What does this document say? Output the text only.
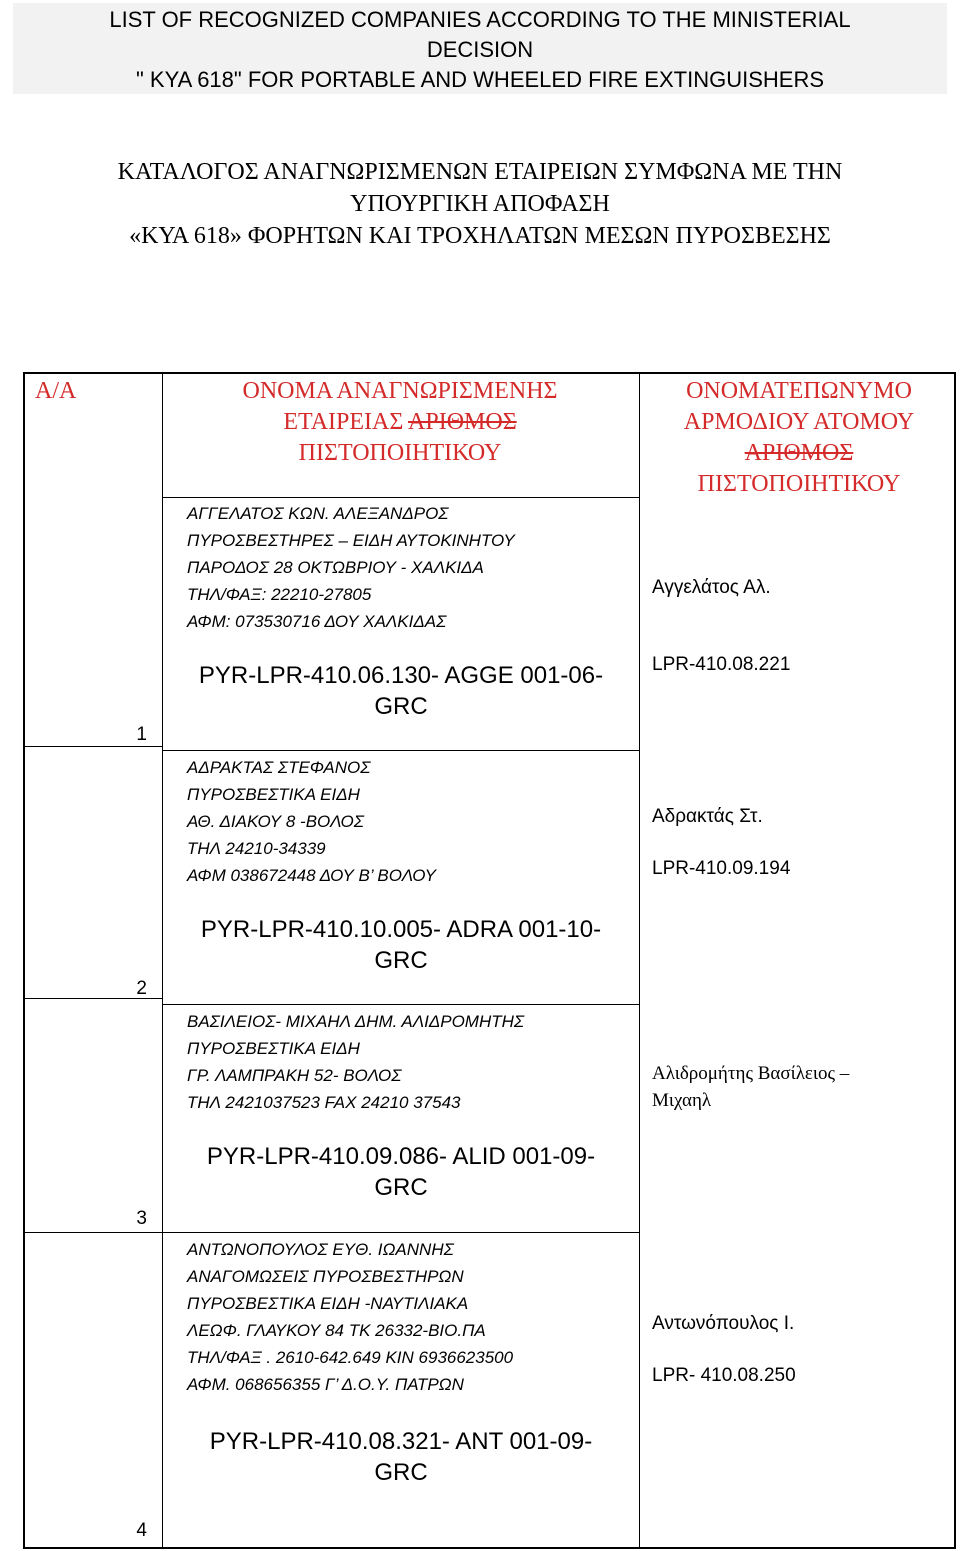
LIST OF RECOGNIZED COMPANIES ACCORDING TO THE MINISTERIAL
DECISION
" KYA 618" FOR PORTABLE AND WHEELED FIRE EXTINGUISHERS
ΚΑΤΑΛΟΓΟΣ ΑΝΑΓΝΩΡΙΣΜΕΝΩΝ ΕΤΑΙΡΕΙΩΝ ΣΥΜΦΩΝΑ ΜΕ ΤΗΝ
ΥΠΟΥΡΓΙΚΗ ΑΠΟΦΑΣΗ
«ΚΥΑ 618» ΦΟΡΗΤΩΝ ΚΑΙ ΤΡΟΧΗΛΑΤΩΝ ΜΕΣΩΝ ΠΥΡΟΣΒΕΣΗΣ
Α/Α	ΟΝΟΜΑ ΑΝΑΓΝΩΡΙΣΜΕΝΗΣ
ΕΤΑΙΡΕΙΑΣ ΑΡΙΘΜΟΣ
ΠΙΣΤΟΠΟΙΗΤΙΚΟΥ
ΟΝΟΜΑΤΕΠΩΝΥΜΟ
ΑΡΜΟΔΙΟΥ ΑΤΟΜΟΥ
ΑΡΙΘΜΟΣ
ΠΙΣΤΟΠΟΙΗΤΙΚΟΥ
ΑΓΓΕΛΑΤΟΣ ΚΩΝ. ΑΛΕΞΑΝΔΡΟΣ
ΠΥΡΟΣΒΕΣΤΗΡΕΣ – ΕΙΔΗ ΑΥΤΟΚΙΝΗΤΟΥ
ΠΑΡΟΔΟΣ 28 ΟΚΤΩΒΡΙΟΥ - ΧΑΛΚΙΔΑ
ΤΗΛ/ΦΑΞ: 22210-27805
ΑΦΜ: 073530716 ΔΟΥ ΧΑΛΚΙΔΑΣ
PYR-LPR-410.06.130- AGGE 001-06-
GRC
Αγγελάτος Αλ.
LPR-410.08.221
1
ΑΔΡΑΚΤΑΣ ΣΤΕΦΑΝΟΣ
ΠΥΡΟΣΒΕΣΤΙΚΑ ΕΙΔΗ
ΑΘ. ΔΙΑΚΟΥ 8 -ΒΟΛΟΣ
ΤΗΛ 24210-34339
ΑΦΜ 038672448 ΔΟΥ Β’ ΒΟΛΟΥ
PYR-LPR-410.10.005- ADRA 001-10-
GRC
Αδρακτάς Στ.
LPR-410.09.194
2
ΒΑΣΙΛΕΙΟΣ- ΜΙΧΑΗΛ ΔΗΜ. ΑΛΙΔΡΟΜΗΤΗΣ
ΠΥΡΟΣΒΕΣΤΙΚΑ ΕΙΔΗ
ΓΡ. ΛΑΜΠΡΑΚΗ 52- ΒΟΛΟΣ
ΤΗΛ 2421037523 FAX 24210 37543
PYR-LPR-410.09.086- ALID 001-09-
GRC
Αλιδρομήτης Βασίλειος –
Μιχαηλ
3
ΑΝΤΩΝΟΠΟΥΛΟΣ ΕΥΘ. ΙΩΑΝΝΗΣ
ΑΝΑΓΟΜΩΣΕΙΣ ΠΥΡΟΣΒΕΣΤΗΡΩΝ
ΠΥΡΟΣΒΕΣΤΙΚΑ ΕΙΔΗ -ΝΑΥΤΙΛΙΑΚΑ
ΛΕΩΦ. ΓΛΑΥΚΟΥ 84 ΤΚ 26332-ΒΙΟ.ΠΑ
ΤΗΛ/ΦΑΞ . 2610-642.649 ΚΙΝ 6936623500
ΑΦΜ. 068656355 Γ’ Δ.Ο.Υ. ΠΑΤΡΩΝ
PYR-LPR-410.08.321- ANT 001-09-
GRC
Αντωνόπουλος Ι.
LPR- 410.08.250
4
